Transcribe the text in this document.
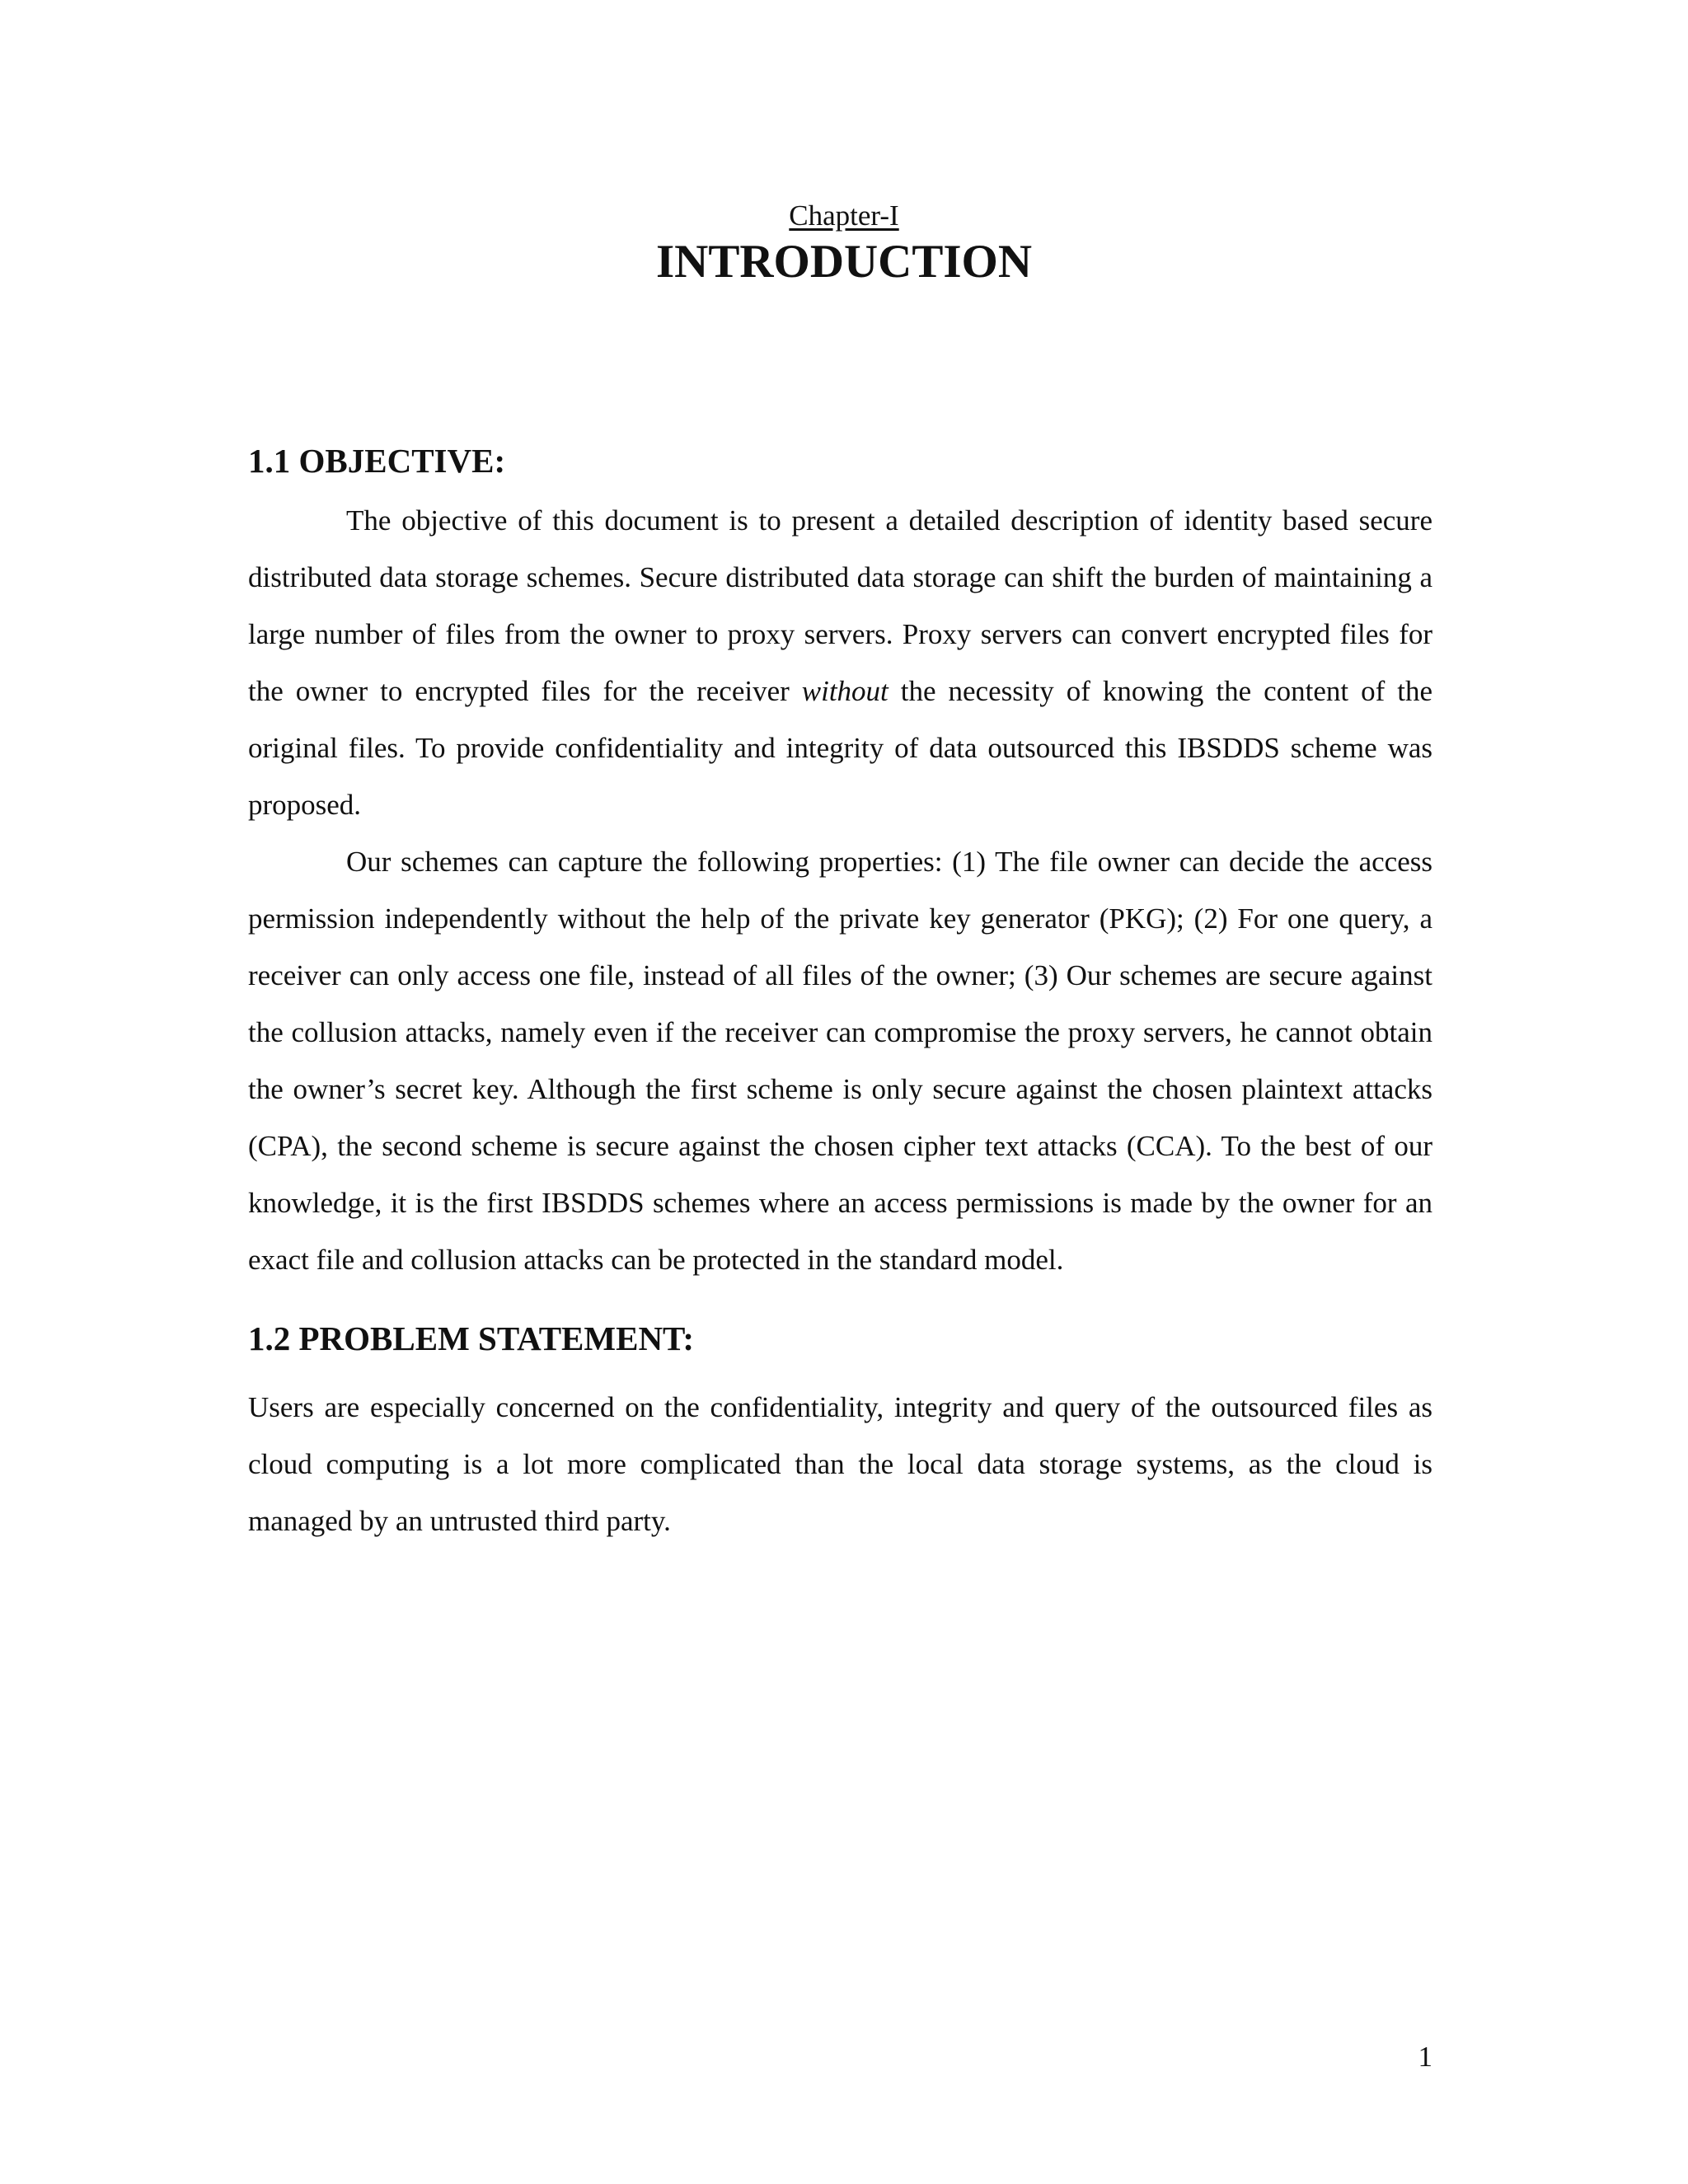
Chapter-I
INTRODUCTION
1.1 OBJECTIVE:

The objective of this document is to present a detailed description of identity based secure distributed data storage schemes. Secure distributed data storage can shift the burden of maintaining a large number of files from the owner to proxy servers. Proxy servers can convert encrypted files for the owner to encrypted files for the receiver without the necessity of knowing the content of the original files. To provide confidentiality and integrity of data outsourced this IBSDDS scheme was proposed.

Our schemes can capture the following properties: (1) The file owner can decide the access permission independently without the help of the private key generator (PKG); (2) For one query, a receiver can only access one file, instead of all files of the owner; (3) Our schemes are secure against the collusion attacks, namely even if the receiver can compromise the proxy servers, he cannot obtain the owner’s secret key. Although the first scheme is only secure against the chosen plaintext attacks (CPA), the second scheme is secure against the chosen cipher text attacks (CCA). To the best of our knowledge, it is the first IBSDDS schemes where an access permissions is made by the owner for an exact file and collusion attacks can be protected in the standard model.

1.2 PROBLEM STATEMENT:

Users are especially concerned on the confidentiality, integrity and query of the outsourced files as cloud computing is a lot more complicated than the local data storage systems, as the cloud is managed by an untrusted third party.

1
